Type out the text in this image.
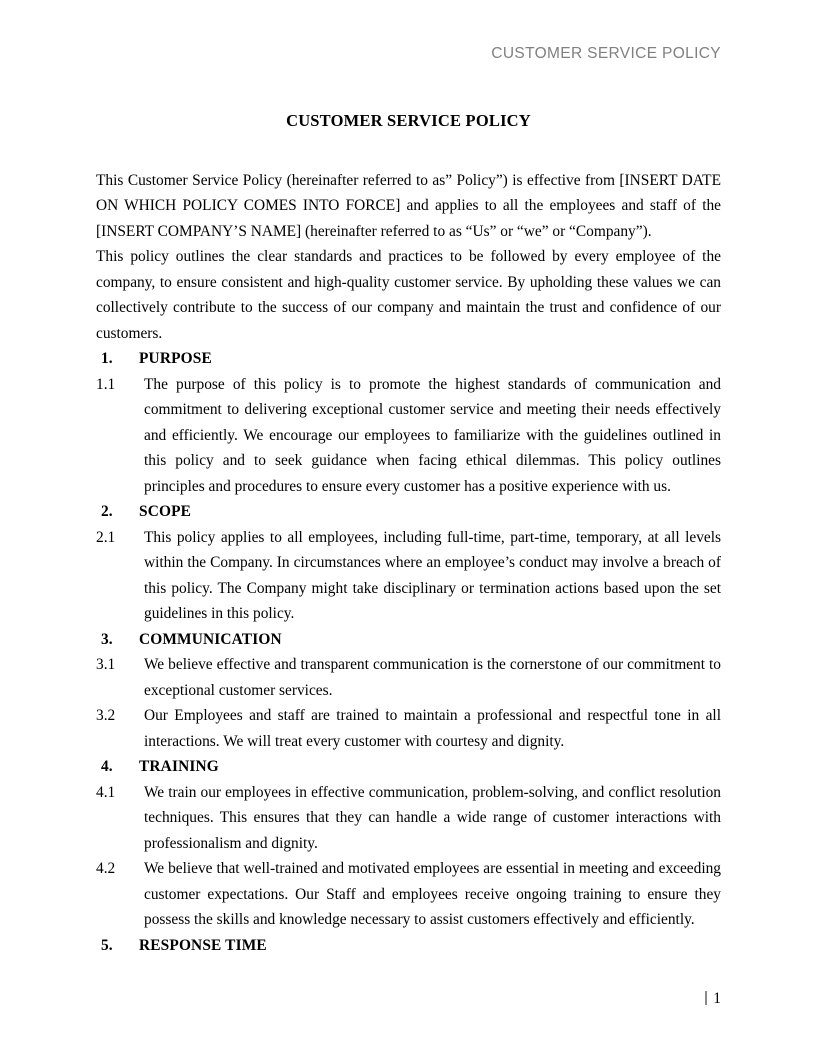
CUSTOMER SERVICE POLICY
CUSTOMER SERVICE POLICY

This Customer Service Policy (hereinafter referred to as” Policy”) is effective from [INSERT DATE ON WHICH POLICY COMES INTO FORCE] and applies to all the employees and staff of the [INSERT COMPANY’S NAME] (hereinafter referred to as “Us” or “we” or “Company”).

This policy outlines the clear standards and practices to be followed by every employee of the company, to ensure consistent and high-quality customer service. By upholding these values we can collectively contribute to the success of our company and maintain the trust and confidence of our customers.

1.	PURPOSE
1.1	The purpose of this policy is to promote the highest standards of communication and commitment to delivering exceptional customer service and meeting their needs effectively and efficiently. We encourage our employees to familiarize with the guidelines outlined in this policy and to seek guidance when facing ethical dilemmas. This policy outlines principles and procedures to ensure every customer has a positive experience with us.
2.	SCOPE
2.1	This policy applies to all employees, including full-time, part-time, temporary, at all levels within the Company. In circumstances where an employee’s conduct may involve a breach of this policy. The Company might take disciplinary or termination actions based upon the set guidelines in this policy.
3.	COMMUNICATION
3.1	We believe effective and transparent communication is the cornerstone of our commitment to exceptional customer services.
3.2	Our Employees and staff are trained to maintain a professional and respectful tone in all interactions. We will treat every customer with courtesy and dignity.
4.	TRAINING
4.1	We train our employees in effective communication, problem-solving, and conflict resolution techniques. This ensures that they can handle a wide range of customer interactions with professionalism and dignity.
4.2	We believe that well-trained and motivated employees are essential in meeting and exceeding customer expectations. Our Staff and employees receive ongoing training to ensure they possess the skills and knowledge necessary to assist customers effectively and efficiently.
5.	RESPONSE TIME
1
